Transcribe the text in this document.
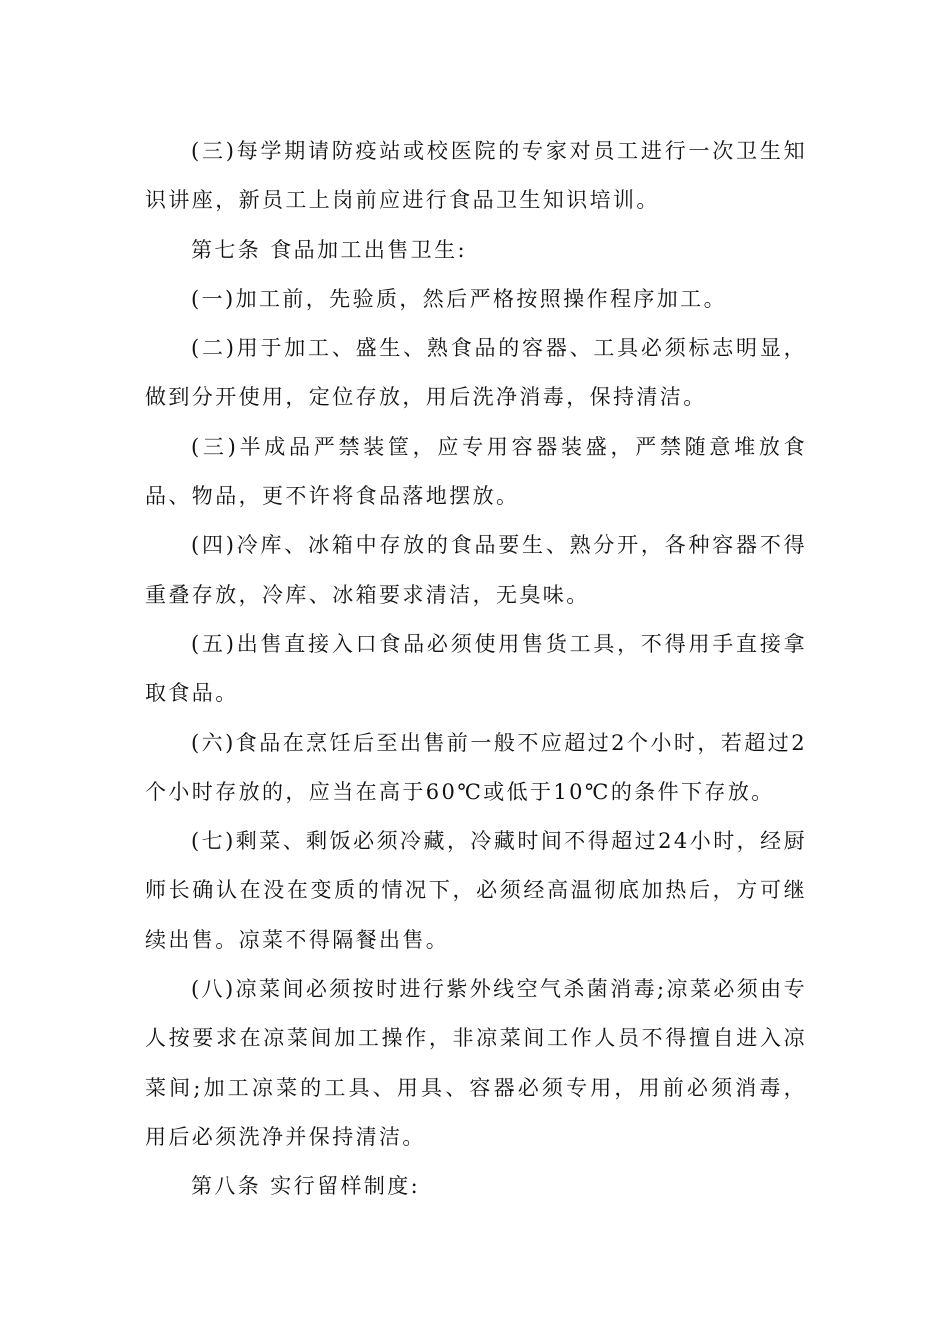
(三)每学期请防疫站或校医院的专家对员工进行一次卫生知识讲座，新员工上岗前应进行食品卫生知识培训。

第七条 食品加工出售卫生:

(一)加工前，先验质，然后严格按照操作程序加工。

(二)用于加工、盛生、熟食品的容器、工具必须标志明显，做到分开使用，定位存放，用后洗净消毒，保持清洁。

(三)半成品严禁装筐，应专用容器装盛，严禁随意堆放食品、物品，更不许将食品落地摆放。

(四)冷库、冰箱中存放的食品要生、熟分开，各种容器不得重叠存放，冷库、冰箱要求清洁，无臭味。

(五)出售直接入口食品必须使用售货工具，不得用手直接拿取食品。

(六)食品在烹饪后至出售前一般不应超过2个小时，若超过2个小时存放的，应当在高于60℃或低于10℃的条件下存放。

(七)剩菜、剩饭必须冷藏，冷藏时间不得超过24小时，经厨师长确认在没在变质的情况下，必须经高温彻底加热后，方可继续出售。凉菜不得隔餐出售。

(八)凉菜间必须按时进行紫外线空气杀菌消毒;凉菜必须由专人按要求在凉菜间加工操作，非凉菜间工作人员不得擅自进入凉菜间;加工凉菜的工具、用具、容器必须专用，用前必须消毒，用后必须洗净并保持清洁。

第八条 实行留样制度:
